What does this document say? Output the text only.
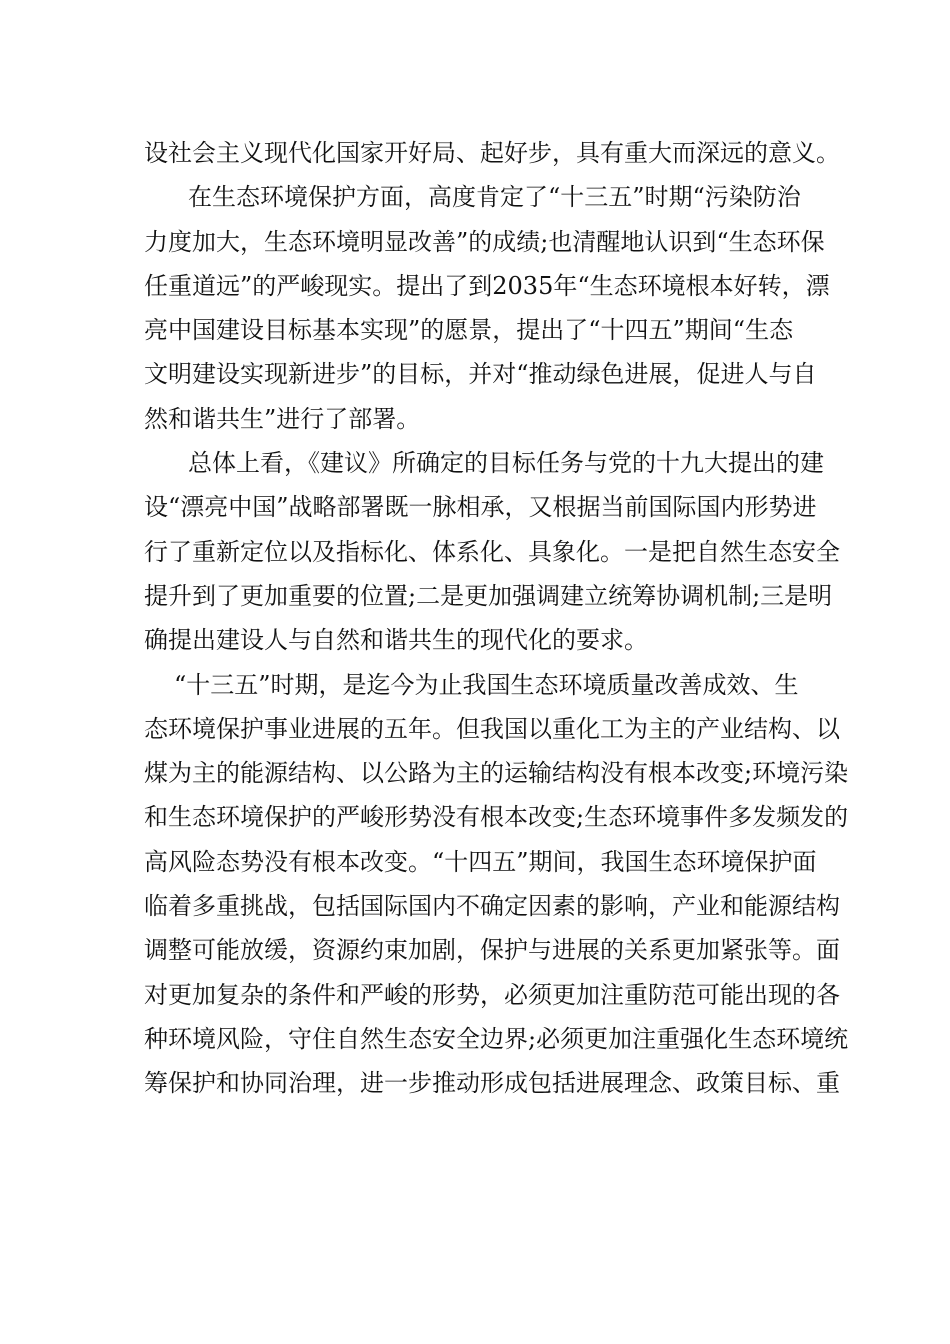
设社会主义现代化国家开好局、起好步，具有重大而深远的意义。
在生态环境保护方面，高度肯定了“十三五”时期“污染防治
力度加大，生态环境明显改善”的成绩;也清醒地认识到“生态环保
任重道远”的严峻现实。提出了到2035年“生态环境根本好转，漂
亮中国建设目标基本实现”的愿景，提出了“十四五”期间“生态
文明建设实现新进步”的目标，并对“推动绿色进展，促进人与自
然和谐共生”进行了部署。
总体上看，《建议》所确定的目标任务与党的十九大提出的建
设“漂亮中国”战略部署既一脉相承，又根据当前国际国内形势进
行了重新定位以及指标化、体系化、具象化。一是把自然生态安全
提升到了更加重要的位置;二是更加强调建立统筹协调机制;三是明
确提出建设人与自然和谐共生的现代化的要求。
“十三五”时期，是迄今为止我国生态环境质量改善成效、生
态环境保护事业进展的五年。但我国以重化工为主的产业结构、以
煤为主的能源结构、以公路为主的运输结构没有根本改变;环境污染
和生态环境保护的严峻形势没有根本改变;生态环境事件多发频发的
高风险态势没有根本改变。“十四五”期间，我国生态环境保护面
临着多重挑战，包括国际国内不确定因素的影响，产业和能源结构
调整可能放缓，资源约束加剧，保护与进展的关系更加紧张等。面
对更加复杂的条件和严峻的形势，必须更加注重防范可能出现的各
种环境风险，守住自然生态安全边界;必须更加注重强化生态环境统
筹保护和协同治理，进一步推动形成包括进展理念、政策目标、重
